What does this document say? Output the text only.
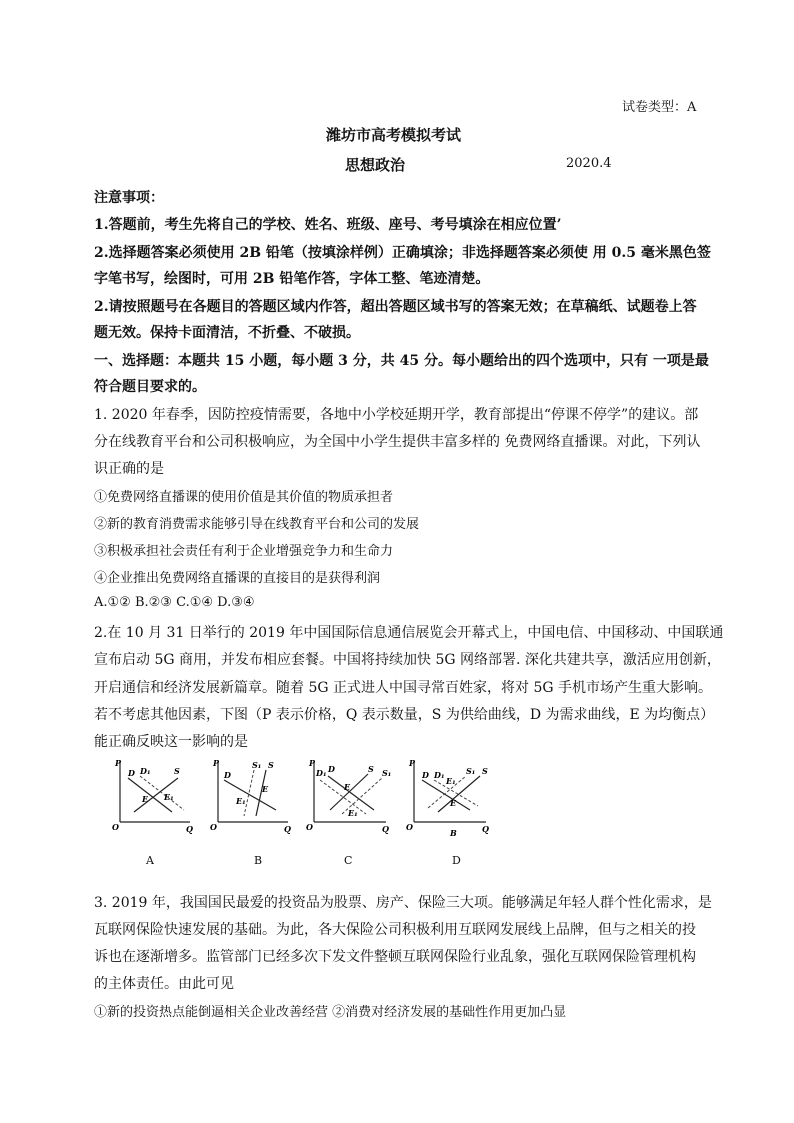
试卷类型：A
潍坊市高考模拟考试
思想政治	2020.4
注意事项：
1.答题前，考生先将自己的学校、姓名、班级、座号、考号填涂在相应位置’
2.选择题答案必须使用 2B 铅笔（按填涂样例）正确填涂；非选择题答案必须使 用 0.5 毫米黑色签
字笔书写，绘图时，可用 2B 铅笔作答，字体工整、笔迹清楚。
2.请按照题号在各题目的答题区域内作答，超出答题区域书写的答案无效；在草稿纸、试题卷上答
题无效。保持卡面清洁，不折叠、不破损。
一、选择题：本题共 15 小题，每小题 3 分，共 45 分。每小题给出的四个选项中，只有 一项是最
符合题目要求的。
1. 2020 年春季，因防控疫情需要，各地中小学校延期开学，教育部提出“停课不停学”的建议。部
分在线教育平台和公司积极响应，为全国中小学生提供丰富多样的 免费网络直播课。对此，下列认
识正确的是
①免费网络直播课的使用价值是其价值的物质承担者
②新的教育消费需求能够引导在线教育平台和公司的发展
③积极承担社会责任有利于企业增强竞争力和生命力
④企业推出免费网络直播课的直接目的是获得利润
A.①② B.②③ C.①④ D.③④
2.在 10 月 31 日举行的 2019 年中国国际信息通信展览会开幕式上，中国电信、中国移动、中国联通
宣布启动 5G 商用，并发布相应套餐。中国将持续加快 5G 网络部署. 深化共建共享，激活应用创新，
开启通信和经济发展新篇章。随着 5G 正式进人中国寻常百姓家，将对 5G 手机市场产生重大影响。
若不考虑其他因素，下图（P 表示价格，Q 表示数量，S 为供给曲线，D 为需求曲线，E 为均衡点）
能正确反映这一影响的是
P
Q
O
D D₁	S
E E₁
A
P
Q
O
D
S₁ S
E₁
E
B
P
Q
O
D₁ D
E
S S₁
E₁
C
P
Q
O
D D₁
E₁
S₁ S
E
B
D
3. 2019 年，我国国民最爱的投资品为股票、房产、保险三大项。能够满足年轻人群个性化需求，是
瓦联网保险快速发展的基础。为此，各大保险公司积极利用互联网发展线上品牌，但与之相关的投
诉也在逐渐增多。监管部门已经多次下发文件整顿互联网保险行业乱象，强化互联网保险管理机构
的主体责任。由此可见
①新的投资热点能倒逼相关企业改善经营 ②消费对经济发展的基础性作用更加凸显
